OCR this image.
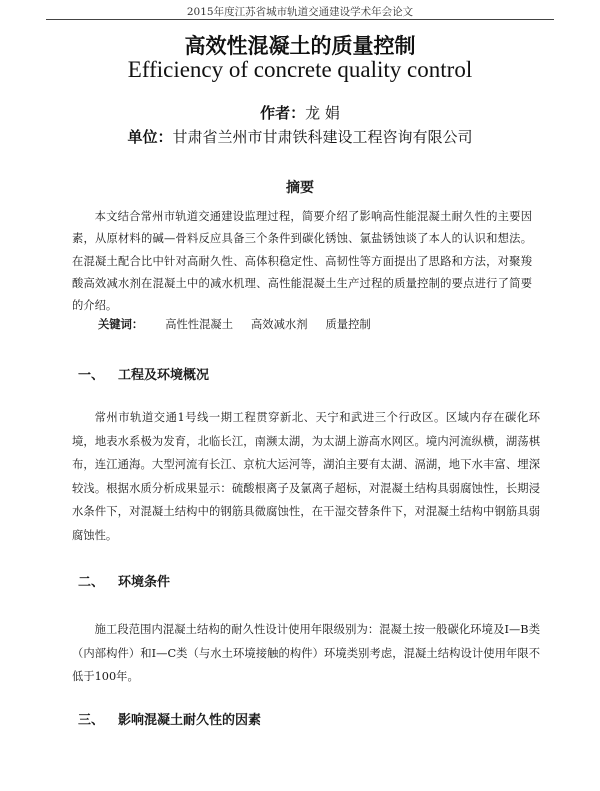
2015年度江苏省城市轨道交通建设学术年会论文
高效性混凝土的质量控制
Efficiency of concrete quality control
作者：龙 娟
单位：甘肃省兰州市甘肃铁科建设工程咨询有限公司
摘要

本文结合常州市轨道交通建设监理过程，简要介绍了影响高性能混凝土耐久性的主要因素，从原材料的碱—骨料反应具备三个条件到碳化锈蚀、氯盐锈蚀谈了本人的认识和想法。在混凝土配合比中针对高耐久性、高体积稳定性、高韧性等方面提出了思路和方法，对聚羧酸高效减水剂在混凝土中的减水机理、高性能混凝土生产过程的质量控制的要点进行了简要的介绍。

关键词： 高性性混凝土 高效减水剂 质量控制
一、 工程及环境概况

常州市轨道交通1号线一期工程贯穿新北、天宁和武进三个行政区。区域内存在碳化环境，地表水系极为发育，北临长江，南濒太湖，为太湖上游高水网区。境内河流纵横，湖荡棋布，连江通海。大型河流有长江、京杭大运河等，湖泊主要有太湖、滆湖，地下水丰富、埋深较浅。根据水质分析成果显示：硫酸根离子及氯离子超标，对混凝土结构具弱腐蚀性，长期浸水条件下，对混凝土结构中的钢筋具微腐蚀性，在干湿交替条件下，对混凝土结构中钢筋具弱腐蚀性。

二、 环境条件

施工段范围内混凝土结构的耐久性设计使用年限级别为：混凝土按一般碳化环境及Ⅰ—B类（内部构件）和Ⅰ—C类（与水土环境接触的构件）环境类别考虑，混凝土结构设计使用年限不低于100年。

三、 影响混凝土耐久性的因素
